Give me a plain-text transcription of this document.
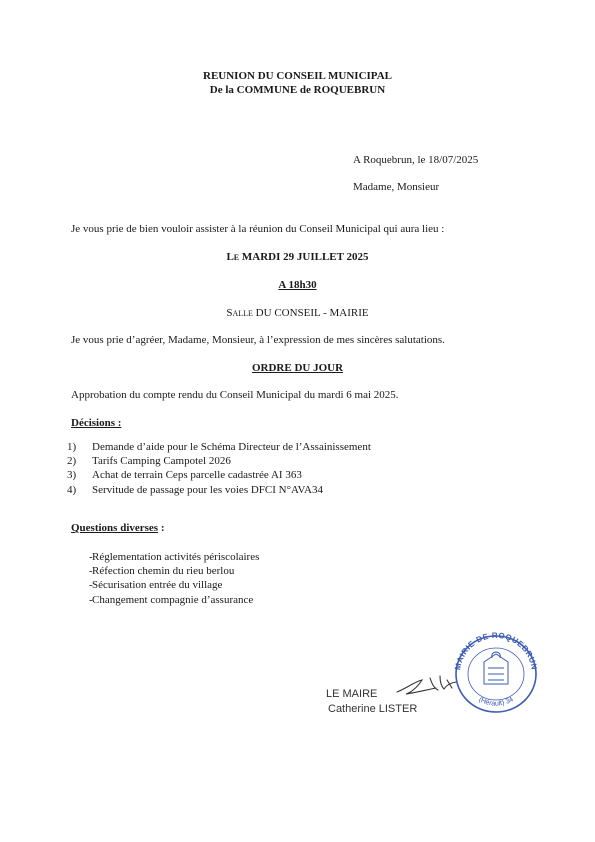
REUNION DU CONSEIL MUNICIPAL
De la COMMUNE de ROQUEBRUN
A Roquebrun, le 18/07/2025
Madame, Monsieur
Je vous prie de bien vouloir assister à la réunion du Conseil Municipal qui aura lieu :
Le MARDI 29 JUILLET 2025
A 18h30
Salle DU CONSEIL - MAIRIE
Je vous prie d’agréer, Madame, Monsieur, à l’expression de mes sincères salutations.
ORDRE DU JOUR
Approbation du compte rendu du Conseil Municipal du mardi 6 mai 2025.
Décisions :
1) Demande d’aide pour le Schéma Directeur de l’Assainissement
2) Tarifs Camping Campotel 2026
3) Achat de terrain Ceps parcelle cadastrée AI 363
4) Servitude de passage pour les voies DFCI N°AVA34
Questions diverses :
- Réglementation activités périscolaires
- Réfection chemin du rieu berlou
- Sécurisation entrée du village
- Changement compagnie d’assurance
MAIRIE DE ROQUEBRUN
(Hérault) 34
LE MAIRE
Catherine LISTER
